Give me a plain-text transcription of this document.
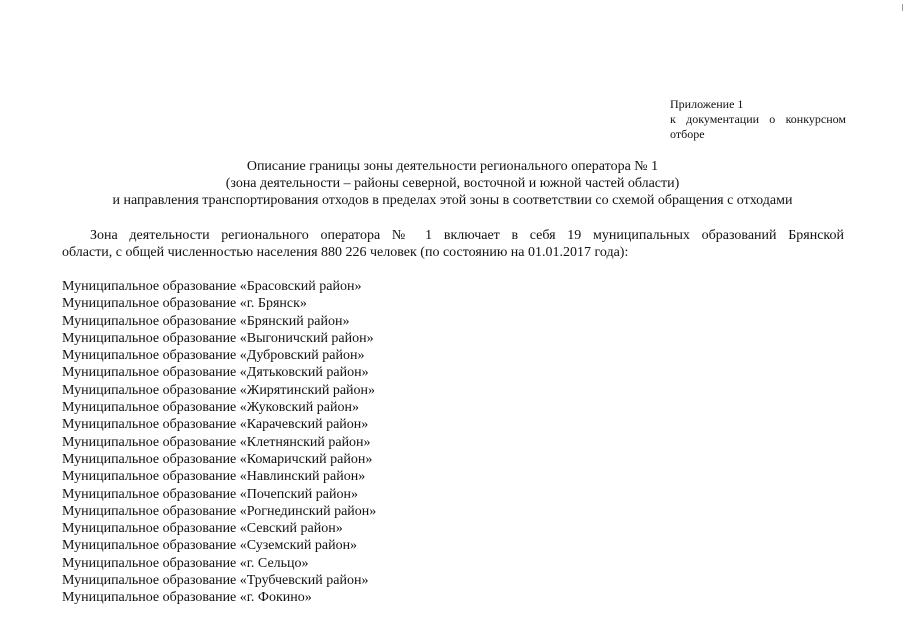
Приложение 1
к документации о конкурсном
отборе
Описание границы зоны деятельности регионального оператора № 1
(зона деятельности – районы северной, восточной и южной частей области)
и направления транспортирования отходов в пределах этой зоны в соответствии со схемой обращения с отходами
Зона деятельности регионального оператора № 1 включает в себя 19 муниципальных образований Брянской
области, с общей численностью населения 880 226 человек (по состоянию на 01.01.2017 года):
Муниципальное образование «Брасовский район»
Муниципальное образование «г. Брянск»
Муниципальное образование «Брянский район»
Муниципальное образование «Выгоничский район»
Муниципальное образование «Дубровский район»
Муниципальное образование «Дятьковский район»
Муниципальное образование «Жирятинский район»
Муниципальное образование «Жуковский район»
Муниципальное образование «Карачевский район»
Муниципальное образование «Клетнянский район»
Муниципальное образование «Комаричский район»
Муниципальное образование «Навлинский район»
Муниципальное образование «Почепский район»
Муниципальное образование «Рогнединский район»
Муниципальное образование «Севский район»
Муниципальное образование «Суземский район»
Муниципальное образование «г. Сельцо»
Муниципальное образование «Трубчевский район»
Муниципальное образование «г. Фокино»
